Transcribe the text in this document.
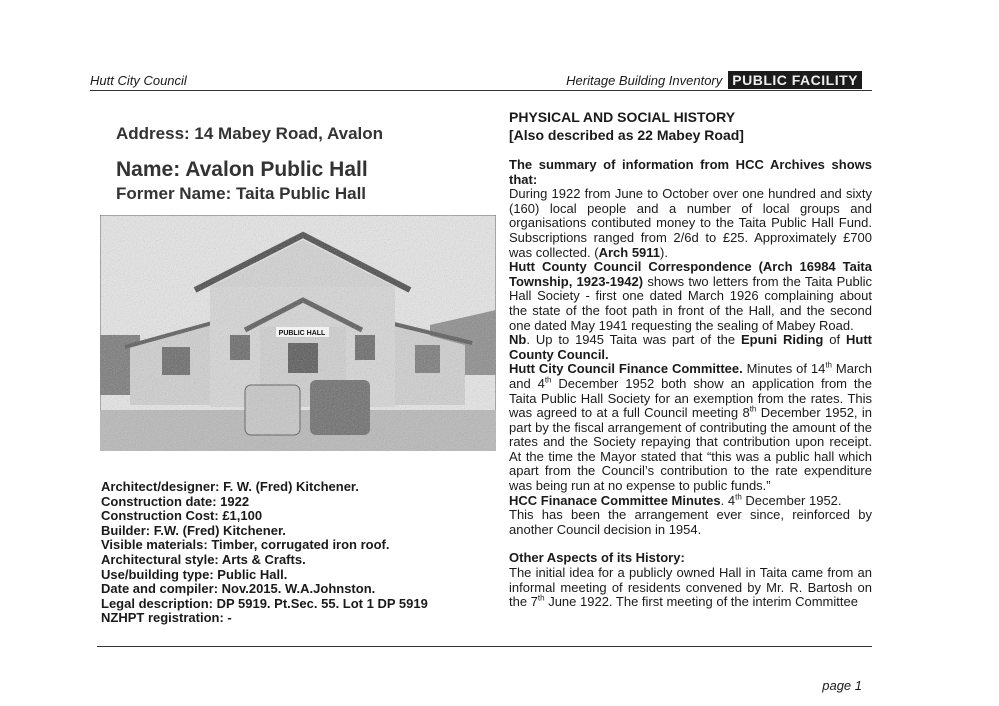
Hutt City Council	Heritage Building Inventory PUBLIC FACILITY
Address: 14 Mabey Road, Avalon
Name: Avalon Public Hall
Former Name: Taita Public Hall
PUBLIC HALL
Architect/designer: F. W. (Fred) Kitchener.
Construction date: 1922
Construction Cost: £1,100
Builder: F.W. (Fred) Kitchener.
Visible materials: Timber, corrugated iron roof.
Architectural style: Arts & Crafts.
Use/building type: Public Hall.
Date and compiler: Nov.2015. W.A.Johnston.
Legal description: DP 5919. Pt.Sec. 55. Lot 1 DP 5919
NZHPT registration: -
PHYSICAL AND SOCIAL HISTORY
[Also described as 22 Mabey Road]

The summary of information from HCC Archives shows that:

During 1922 from June to October over one hundred and sixty (160) local people and a number of local groups and organisations contibuted money to the Taita Public Hall Fund. Subscriptions ranged from 2/6d to £25. Approximately £700 was collected. (Arch 5911).

Hutt County Council Correspondence (Arch 16984 Taita Township, 1923-1942) shows two letters from the Taita Public Hall Society - first one dated March 1926 complaining about the state of the foot path in front of the Hall, and the second one dated May 1941 requesting the sealing of Mabey Road.

Nb. Up to 1945 Taita was part of the Epuni Riding of Hutt County Council.

Hutt City Council Finance Committee. Minutes of 14th March and 4th December 1952 both show an application from the Taita Public Hall Society for an exemption from the rates. This was agreed to at a full Council meeting 8th December 1952, in part by the fiscal arrangement of contributing the amount of the rates and the Society repaying that contribution upon receipt. At the time the Mayor stated that “this was a public hall which apart from the Council’s contribution to the rate expenditure was being run at no expense to public funds.”

HCC Finanace Committee Minutes. 4th December 1952.

This has been the arrangement ever since, reinforced by another Council decision in 1954.

Other Aspects of its History:

The initial idea for a publicly owned Hall in Taita came from an informal meeting of residents convened by Mr. R. Bartosh on the 7th June 1922. The first meeting of the interim Committee

page 1
